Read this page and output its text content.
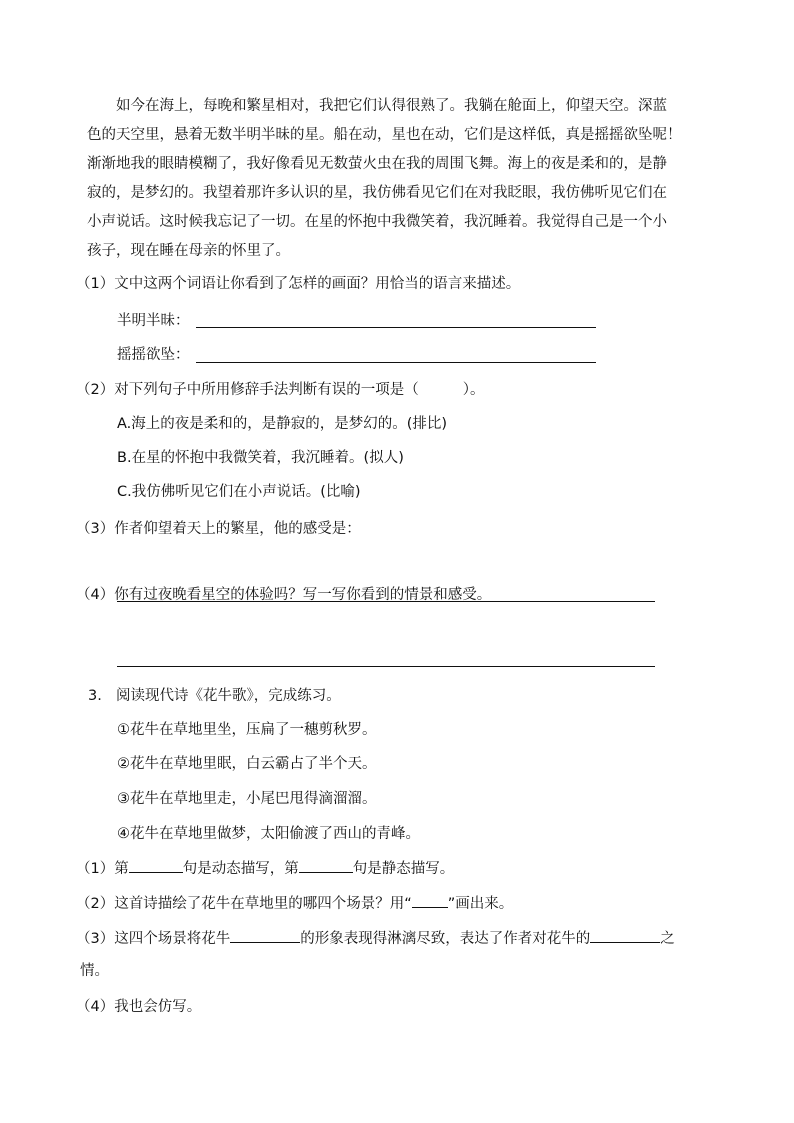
如今在海上，每晚和繁星相对，我把它们认得很熟了。我躺在舱面上，仰望天空。深蓝
色的天空里，悬着无数半明半昧的星。船在动，星也在动，它们是这样低，真是摇摇欲坠呢！
渐渐地我的眼睛模糊了，我好像看见无数萤火虫在我的周围飞舞。海上的夜是柔和的，是静
寂的，是梦幻的。我望着那许多认识的星，我仿佛看见它们在对我眨眼，我仿佛听见它们在
小声说话。这时候我忘记了一切。在星的怀抱中我微笑着，我沉睡着。我觉得自己是一个小
孩子，现在睡在母亲的怀里了。
（1）文中这两个词语让你看到了怎样的画面？用恰当的语言来描述。
半明半昧：
摇摇欲坠：
（2）对下列句子中所用修辞手法判断有误的一项是（	）。
A.海上的夜是柔和的，是静寂的，是梦幻的。(排比)
B.在星的怀抱中我微笑着，我沉睡着。(拟人)
C.我仿佛听见它们在小声说话。(比喻)
（3）作者仰望着天上的繁星，他的感受是：
（4）你有过夜晚看星空的体验吗？写一写你看到的情景和感受。
3. 阅读现代诗《花牛歌》，完成练习。
①花牛在草地里坐，压扁了一穗剪秋罗。
②花牛在草地里眠，白云霸占了半个天。
③花牛在草地里走，小尾巴甩得滴溜溜。
④花牛在草地里做梦，太阳偷渡了西山的青峰。
（1）第	句是动态描写，第	句是静态描写。
（2）这首诗描绘了花牛在草地里的哪四个场景？用“ ”画出来。
（3）这四个场景将花牛	的形象表现得淋漓尽致，表达了作者对花牛的	之
情。
（4）我也会仿写。
